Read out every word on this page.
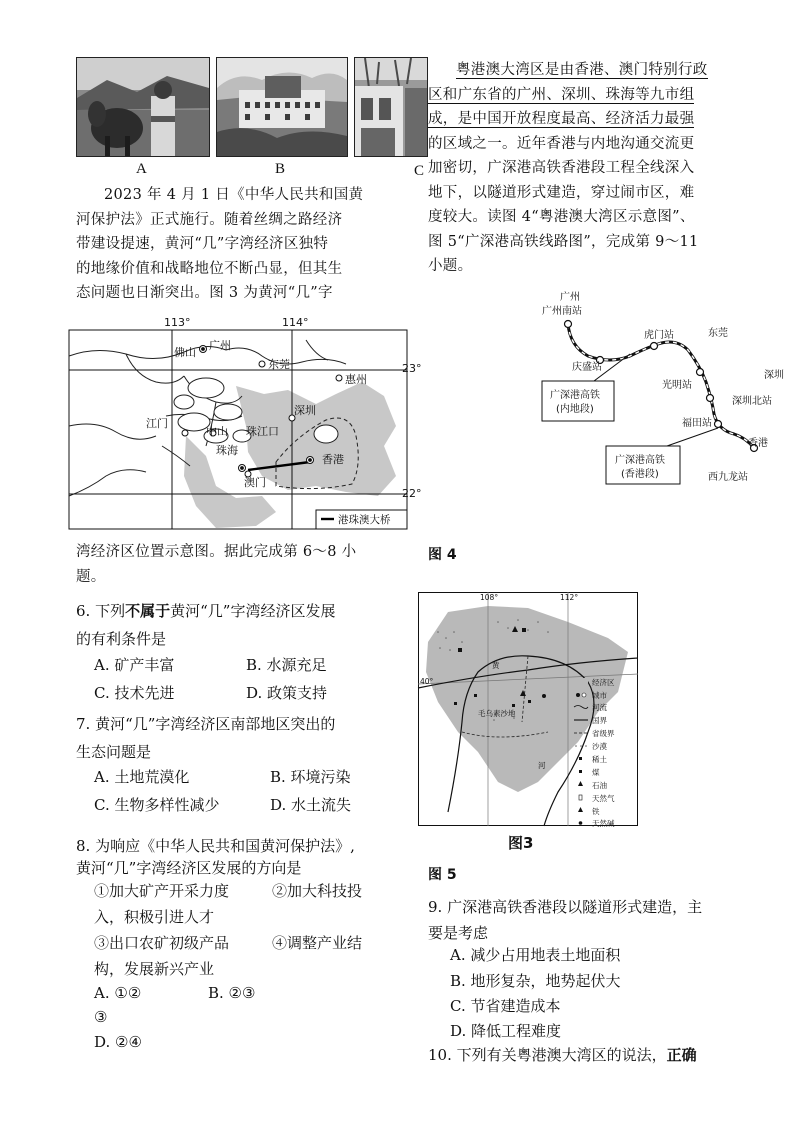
A	B	C
2023 年 4 月 1 日《中华人民共和国黄
河保护法》正式施行。随着丝绸之路经济
带建设提速，黄河“几”字湾经济区独特
的地缘价值和战略地位不断凸显，但其生
态问题也日渐突出。图 3 为黄河“几”字
113°	114°
23°
22°
广州
佛山
东莞
惠州
深圳
江门
中山
珠海
珠江口
香港
澳门
港珠澳大桥
湾经济区位置示意图。据此完成第 6～8 小
题。
粤港澳大湾区是由香港、澳门特别行政
区和广东省的广州、深圳、珠海等九市组
成，是中国开放程度最高、经济活力最强
的区域之一。近年香港与内地沟通交流更
加密切，广深港高铁香港段工程全线深入
地下，以隧道形式建造，穿过闹市区，难
度较大。读图 4“粤港澳大湾区示意图”、
图 5“广深港高铁线路图”，完成第 9～11
小题。
广深港高铁
(内地段)
广深港高铁
(香港段)
广州
广州南站
庆盛站
虎门站	东莞
光明站
深圳北站
深圳
福田站
香港
西九龙站
图 4
经济区
城市
河流
国界
省级界
沙漠
稀土
煤
石油
天然气
铁
天然碱
108°	112°
40°
黄
毛乌素沙地
河
图3
图 5
6. 下列不属于黄河“几”字湾经济区发展
的有利条件是
A. 矿产丰富	B. 水源充足
C. 技术先进	D. 政策支持
7. 黄河“几”字湾经济区南部地区突出的
生态问题是
A. 土地荒漠化	B. 环境污染
C. 生物多样性减少	D. 水土流失
8. 为响应《中华人民共和国黄河保护法》,
黄河“几”字湾经济区发展的方向是
①加大矿产开采力度	②加大科技投
入，积极引进人才
③出口农矿初级产品	④调整产业结
构，发展新兴产业
A. ①②	B. ②③
③
D. ②④
9. 广深港高铁香港段以隧道形式建造，主
要是考虑
A. 减少占用地表土地面积
B. 地形复杂，地势起伏大
C. 节省建造成本
D. 降低工程难度
10. 下列有关粤港澳大湾区的说法，正确
